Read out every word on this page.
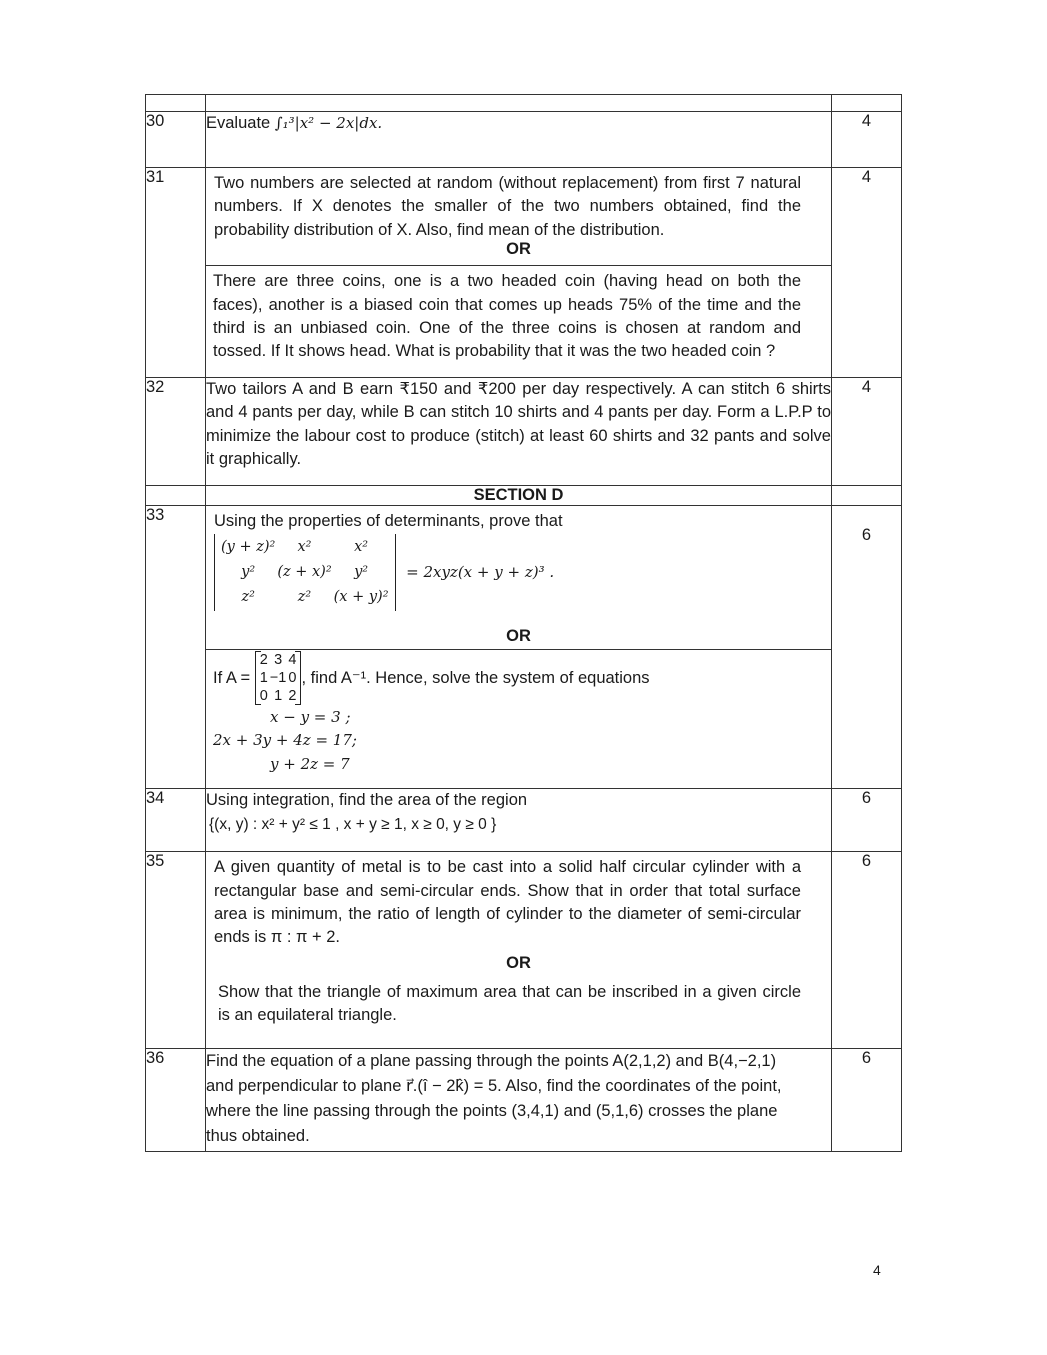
30	Evaluate ∫₁³|x² − 2x|dx.	4
31	Two numbers are selected at random (without replacement) from first 7 natural numbers. If X denotes the smaller of the two numbers obtained, find the probability distribution of X. Also, find mean of the distribution.
OR
There are three coins, one is a two headed coin (having head on both the faces), another is a biased coin that comes up heads 75% of the time and the third is an unbiased coin. One of the three coins is chosen at random and tossed. If It shows head. What is probability that it was the two headed coin ?
	4
32	Two tailors A and B earn ₹150 and ₹200 per day respectively. A can stitch 6 shirts and 4 pants per day, while B can stitch 10 shirts and 4 pants per day. Form a L.P.P to minimize the labour cost to produce (stitch) at least 60 shirts and 32 pants and solve it graphically.	4
	SECTION D	
33	Using the properties of determinants, prove that
(y + z)²	x²	x²
y²	(z + x)²	y²
z²	z²	(x + y)² = 2xyz(x + y + z)³ .
OR
If A = 2	3	4
1	−1	0
0	1	2, find A⁻¹. Hence, solve the system of equations
x − y = 3 ;
2x + 3y + 4z = 17;
y + 2z = 7
	6
34	Using integration, find the area of the region
{(x, y) : x² + y² ≤ 1 , x + y ≥ 1, x ≥ 0, y ≥ 0 }
	6
35	A given quantity of metal is to be cast into a solid half circular cylinder with a rectangular base and semi-circular ends. Show that in order that total surface area is minimum, the ratio of length of cylinder to the diameter of semi-circular ends is π : π + 2.
OR
Show that the triangle of maximum area that can be inscribed in a given circle is an equilateral triangle.
	6
36	Find the equation of a plane passing through the points A(2,1,2) and B(4,−2,1) and perpendicular to plane r⃗.(î − 2k̂) = 5. Also, find the coordinates of the point, where the line passing through the points (3,4,1) and (5,1,6) crosses the plane thus obtained.	6
4
